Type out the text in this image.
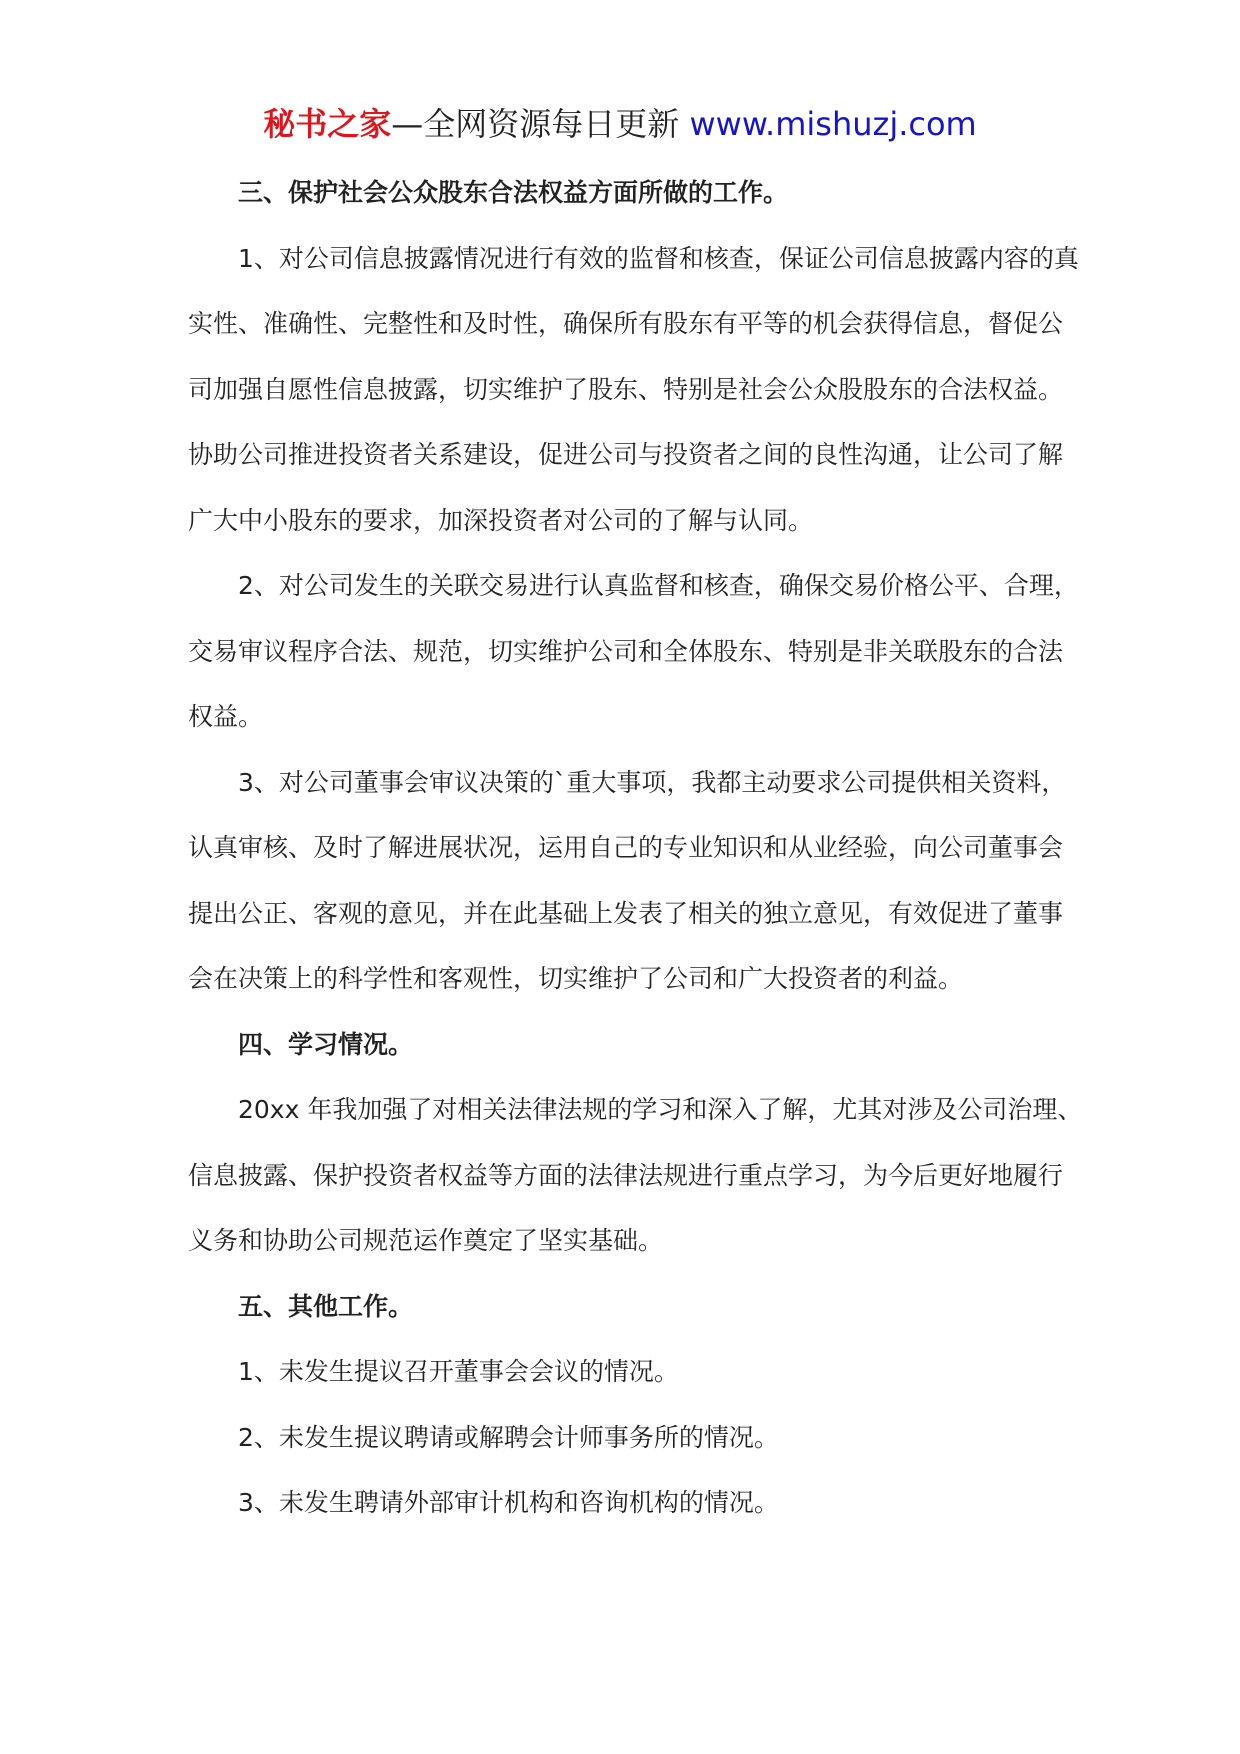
秘书之家—全网资源每日更新 www.mishuzj.com

三、保护社会公众股东合法权益方面所做的工作。

1、对公司信息披露情况进行有效的监督和核查，保证公司信息披露内容的真实性、准确性、完整性和及时性，确保所有股东有平等的机会获得信息，督促公司加强自愿性信息披露，切实维护了股东、特别是社会公众股股东的合法权益。协助公司推进投资者关系建设，促进公司与投资者之间的良性沟通，让公司了解广大中小股东的要求，加深投资者对公司的了解与认同。

2、对公司发生的关联交易进行认真监督和核查，确保交易价格公平、合理，交易审议程序合法、规范，切实维护公司和全体股东、特别是非关联股东的合法权益。

3、对公司董事会审议决策的`重大事项，我都主动要求公司提供相关资料，认真审核、及时了解进展状况，运用自己的专业知识和从业经验，向公司董事会提出公正、客观的意见，并在此基础上发表了相关的独立意见，有效促进了董事会在决策上的科学性和客观性，切实维护了公司和广大投资者的利益。

四、学习情况。

20xx 年我加强了对相关法律法规的学习和深入了解，尤其对涉及公司治理、信息披露、保护投资者权益等方面的法律法规进行重点学习，为今后更好地履行义务和协助公司规范运作奠定了坚实基础。

五、其他工作。

1、未发生提议召开董事会会议的情况。

2、未发生提议聘请或解聘会计师事务所的情况。

3、未发生聘请外部审计机构和咨询机构的情况。
